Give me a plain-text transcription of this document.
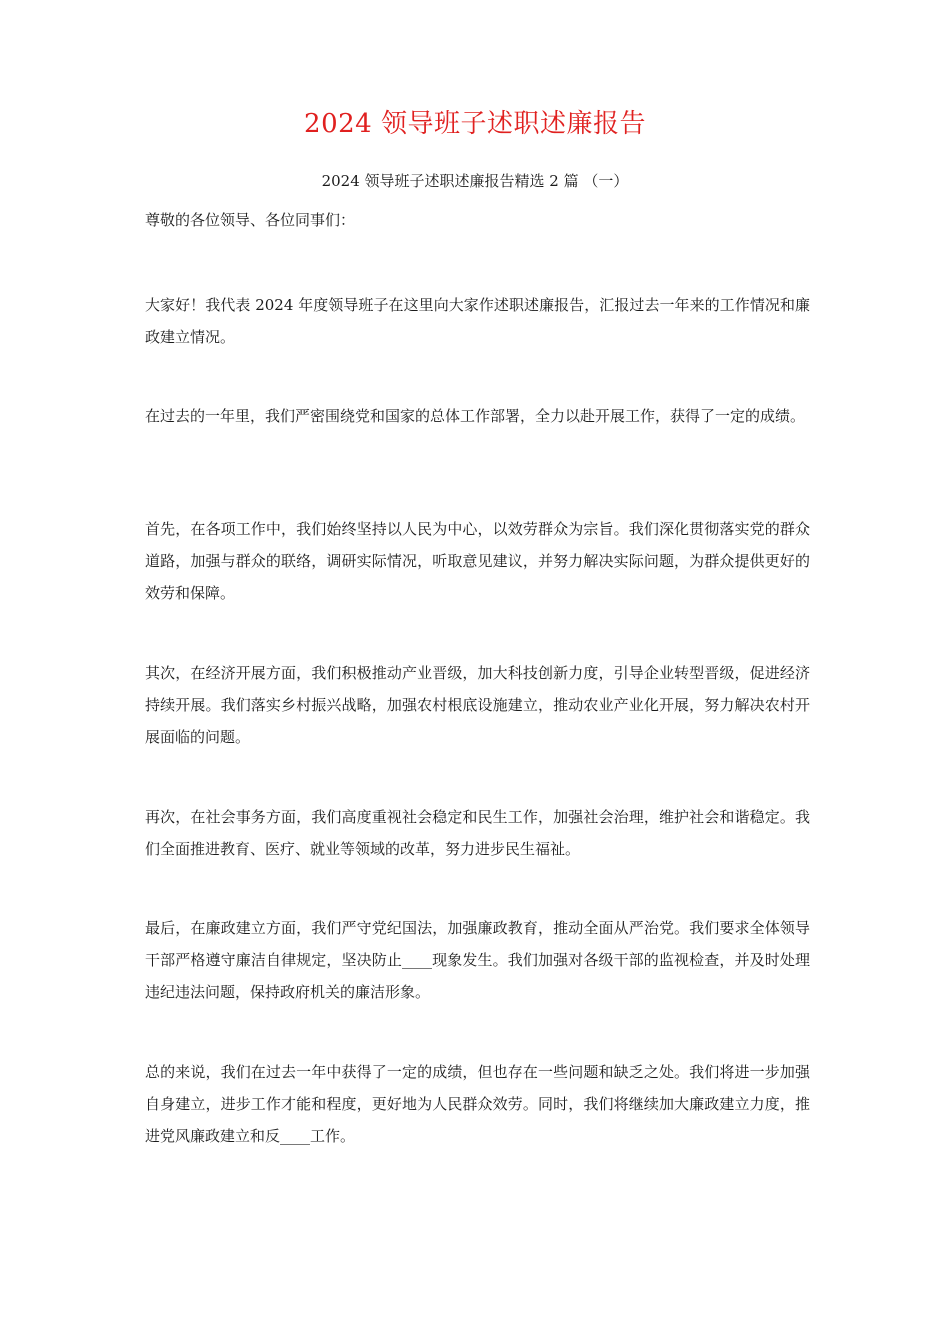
2024 领导班子述职述廉报告
2024 领导班子述职述廉报告精选 2 篇 （一）
尊敬的各位领导、各位同事们：

大家好！我代表 2024 年度领导班子在这里向大家作述职述廉报告，汇报过去一年来的工作情况和廉政建立情况。

在过去的一年里，我们严密围绕党和国家的总体工作部署，全力以赴开展工作，获得了一定的成绩。

首先，在各项工作中，我们始终坚持以人民为中心，以效劳群众为宗旨。我们深化贯彻落实党的群众道路，加强与群众的联络，调研实际情况，听取意见建议，并努力解决实际问题，为群众提供更好的效劳和保障。

其次，在经济开展方面，我们积极推动产业晋级，加大科技创新力度，引导企业转型晋级，促进经济持续开展。我们落实乡村振兴战略，加强农村根底设施建立，推动农业产业化开展，努力解决农村开展面临的问题。

再次，在社会事务方面，我们高度重视社会稳定和民生工作，加强社会治理，维护社会和谐稳定。我们全面推进教育、医疗、就业等领域的改革，努力进步民生福祉。

最后，在廉政建立方面，我们严守党纪国法，加强廉政教育，推动全面从严治党。我们要求全体领导干部严格遵守廉洁自律规定，坚决防止____现象发生。我们加强对各级干部的监视检查，并及时处理违纪违法问题，保持政府机关的廉洁形象。

总的来说，我们在过去一年中获得了一定的成绩，但也存在一些问题和缺乏之处。我们将进一步加强自身建立，进步工作才能和程度，更好地为人民群众效劳。同时，我们将继续加大廉政建立力度，推进党风廉政建立和反____工作。
